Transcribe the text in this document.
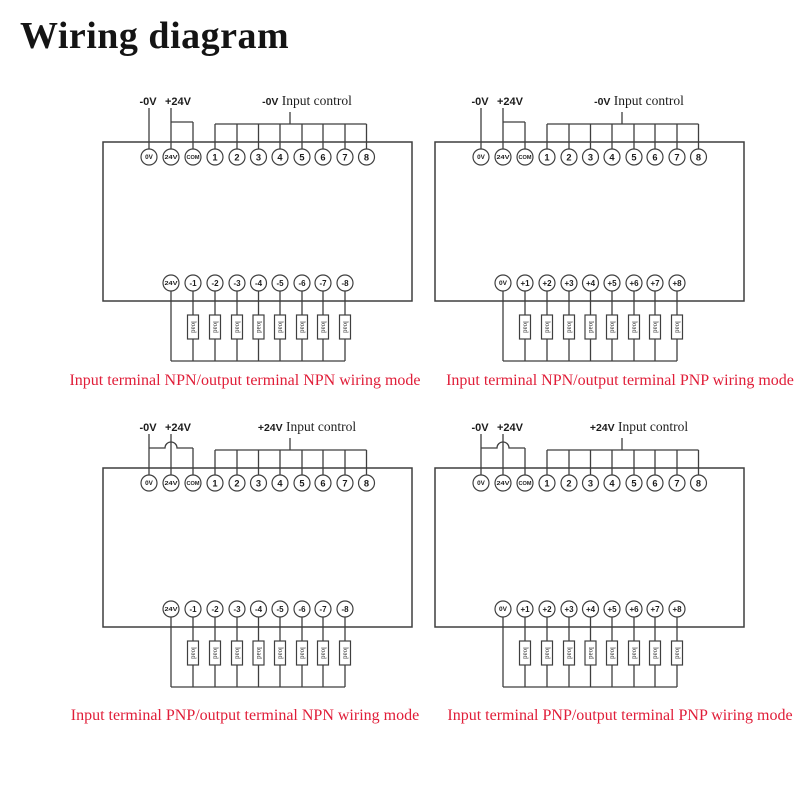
Wiring diagram
0V 24V COM 1 2 3 4 5 6 7 8
24V -1 -2 -3 -4 -5 -6 -7 -8
load load load load load load load load
-0V +24V	-0V Input control
0V 24V COM 1 2 3 4 5 6 7 8
0V +1 +2 +3 +4 +5 +6 +7 +8
load load load load load load load load
-0V +24V	-0V Input control
0V 24V COM 1 2 3 4 5 6 7 8
24V -1 -2 -3 -4 -5 -6 -7 -8
load load load load load load load load
-0V +24V	+24V Input control
0V 24V COM 1 2 3 4 5 6 7 8
0V +1 +2 +3 +4 +5 +6 +7 +8
load load load load load load load load
-0V +24V	+24V Input control
Input terminal NPN/output terminal NPN wiring mode	Input terminal NPN/output terminal PNP wiring mode
Input terminal PNP/output terminal NPN wiring mode	Input terminal PNP/output terminal PNP wiring mode
